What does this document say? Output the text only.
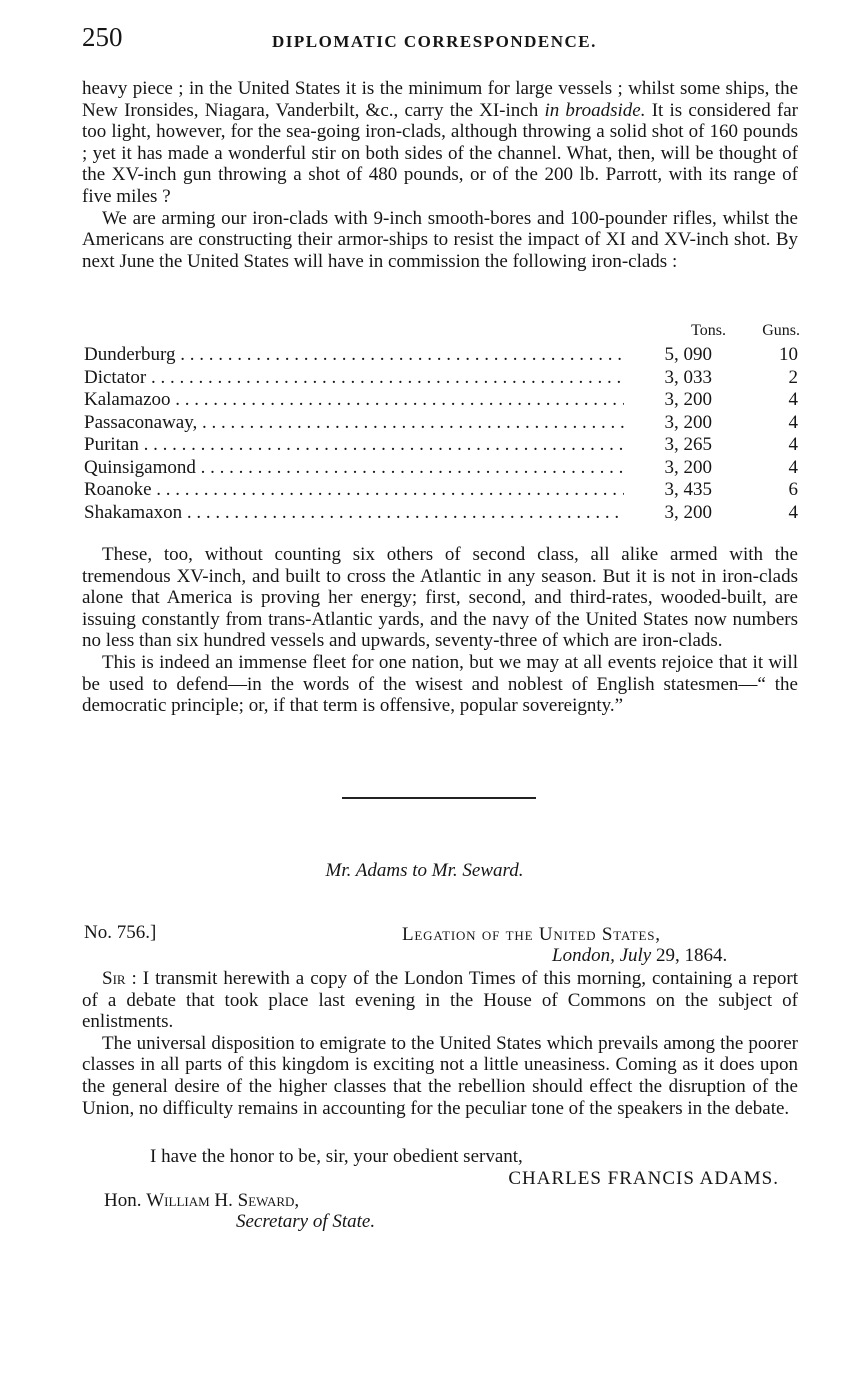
250	DIPLOMATIC CORRESPONDENCE.

heavy piece ; in the United States it is the minimum for large vessels ; whilst some ships, the New Ironsides, Niagara, Vanderbilt, &c., carry the XI-inch in broadside. It is considered far too light, however, for the sea-going iron-clads, although throwing a solid shot of 160 pounds ; yet it has made a wonderful stir on both sides of the channel. What, then, will be thought of the XV-inch gun throwing a shot of 480 pounds, or of the 200 lb. Parrott, with its range of five miles ?

We are arming our iron-clads with 9-inch smooth-bores and 100-pounder rifles, whilst the Americans are constructing their armor-ships to resist the impact of XI and XV-inch shot. By next June the United States will have in commission the following iron-clads :

Tons.	Guns.
Dunderburg . . .	5, 090	10
Dictator . . .	3, 033	2
Kalamazoo . . .	3, 200	4
Passaconaway, . . .	3, 200	4
Puritan . . .	3, 265	4
Quinsigamond . . .	3, 200	4
Roanoke . . .	3, 435	6
Shakamaxon . . .	3, 200	4

These, too, without counting six others of second class, all alike armed with the tremendous XV-inch, and built to cross the Atlantic in any season. But it is not in iron-clads alone that America is proving her energy; first, second, and third-rates, wooded-built, are issuing constantly from trans-Atlantic yards, and the navy of the United States now numbers no less than six hundred vessels and upwards, seventy-three of which are iron-clads.

This is indeed an immense fleet for one nation, but we may at all events rejoice that it will be used to defend—in the words of the wisest and noblest of English statesmen—“ the democratic principle; or, if that term is offensive, popular sovereignty.”

Mr. Adams to Mr. Seward.
No. 756.]	Legation of the United States,
London, July 29, 1864.

Sir : I transmit herewith a copy of the London Times of this morning, containing a report of a debate that took place last evening in the House of Commons on the subject of enlistments.

The universal disposition to emigrate to the United States which prevails among the poorer classes in all parts of this kingdom is exciting not a little uneasiness. Coming as it does upon the general desire of the higher classes that the rebellion should effect the disruption of the Union, no difficulty remains in accounting for the peculiar tone of the speakers in the debate.

I have the honor to be, sir, your obedient servant,
CHARLES FRANCIS ADAMS.
Hon. William H. Seward,
Secretary of State.
